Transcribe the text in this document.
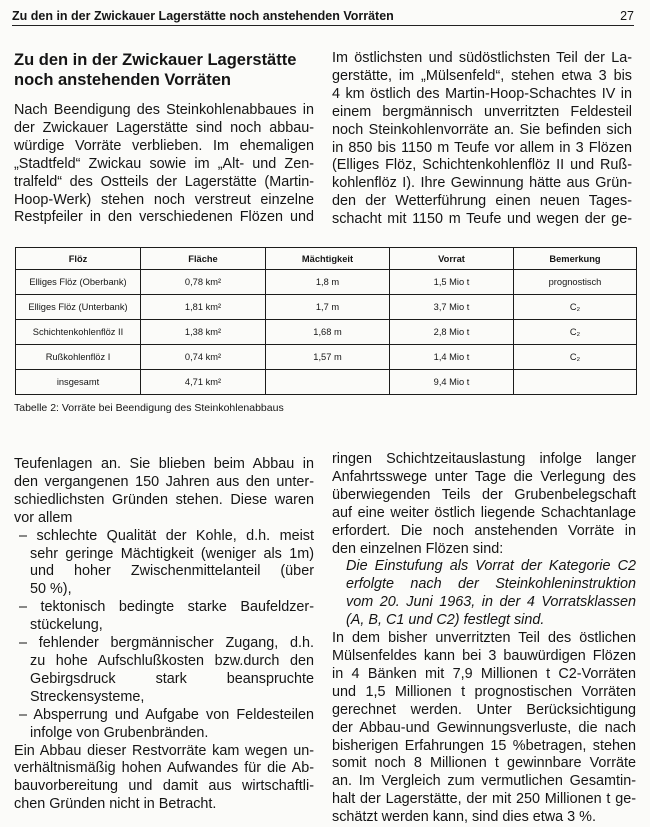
Zu den in der Zwickauer Lagerstätte noch anstehenden Vorräten	27
Zu den in der Zwickauer Lagerstätte
noch anstehenden Vorräten

Nach Beendigung des Steinkohlenabbaues in
der Zwickauer Lagerstätte sind noch abbau-
würdige Vorräte verblieben. Im ehemaligen
„Stadtfeld“ Zwickau sowie im „Alt- und Zen-
tralfeld“ des Ostteils der Lagerstätte (Martin-
Hoop-Werk) stehen noch verstreut einzelne
Restpfeiler in den verschiedenen Flözen und

Im östlichsten und südöstlichsten Teil der La-
gerstätte, im „Mülsenfeld“, stehen etwa 3 bis
4 km östlich des Martin-Hoop-Schachtes IV in
einem bergmännisch unverritzten Feldesteil
noch Steinkohlenvorräte an. Sie befinden sich
in 850 bis 1150 m Teufe vor allem in 3 Flözen
(Elliges Flöz, Schichtenkohlenflöz II und Ruß-
kohlenflöz I). Ihre Gewinnung hätte aus Grün-
den der Wetterführung einen neuen Tages-
schacht mit 1150 m Teufe und wegen der ge-
Flöz	Fläche	Mächtigkeit	Vorrat	Bemerkung
Elliges Flöz (Oberbank)	0,78 km²	1,8 m	1,5 Mio t	prognostisch
Elliges Flöz (Unterbank)	1,81 km²	1,7 m	3,7 Mio t	C₂
Schichtenkohlenflöz II	1,38 km²	1,68 m	2,8 Mio t	C₂
Rußkohlenflöz I	0,74 km²	1,57 m	1,4 Mio t	C₂
insgesamt	4,71 km²		9,4 Mio t	
Tabelle 2: Vorräte bei Beendigung des Steinkohlenabbaus
Teufenlagen an. Sie blieben beim Abbau in
den vergangenen 150 Jahren aus den unter-
schiedlichsten Gründen stehen. Diese waren
vor allem
– schlechte Qualität der Kohle, d.h. meist
sehr geringe Mächtigkeit (weniger als 1m)
und hoher Zwischenmittelanteil (über
50 %),
– tektonisch bedingte starke Baufeldzer-
stückelung,
– fehlender bergmännischer Zugang, d.h.
zu hohe Aufschlußkosten bzw.durch den
Gebirgsdruck stark beanspruchte
Streckensysteme,
– Absperrung und Aufgabe von Feldesteilen
infolge von Grubenbränden.
Ein Abbau dieser Restvorräte kam wegen un-
verhältnismäßig hohen Aufwandes für die Ab-
bauvorbereitung und damit aus wirtschaftli-
chen Gründen nicht in Betracht.
ringen Schichtzeitauslastung infolge langer
Anfahrtsswege unter Tage die Verlegung des
überwiegenden Teils der Grubenbelegschaft
auf eine weiter östlich liegende Schachtanlage
erfordert. Die noch anstehenden Vorräte in
den einzelnen Flözen sind:
Die Einstufung als Vorrat der Kategorie C2
erfolgte nach der Steinkohleninstruktion
vom 20. Juni 1963, in der 4 Vorratsklassen
(A, B, C1 und C2) festlegt sind.
In dem bisher unverritzten Teil des östlichen
Mülsenfeldes kann bei 3 bauwürdigen Flözen
in 4 Bänken mit 7,9 Millionen t C2-Vorräten
und 1,5 Millionen t prognostischen Vorräten
gerechnet werden. Unter Berücksichtigung
der Abbau-und Gewinnungsverluste, die nach
bisherigen Erfahrungen 15 %betragen, stehen
somit noch 8 Millionen t gewinnbare Vorräte
an. Im Vergleich zum vermutlichen Gesamtin-
halt der Lagerstätte, der mit 250 Millionen t ge-
schätzt werden kann, sind dies etwa 3 %.
